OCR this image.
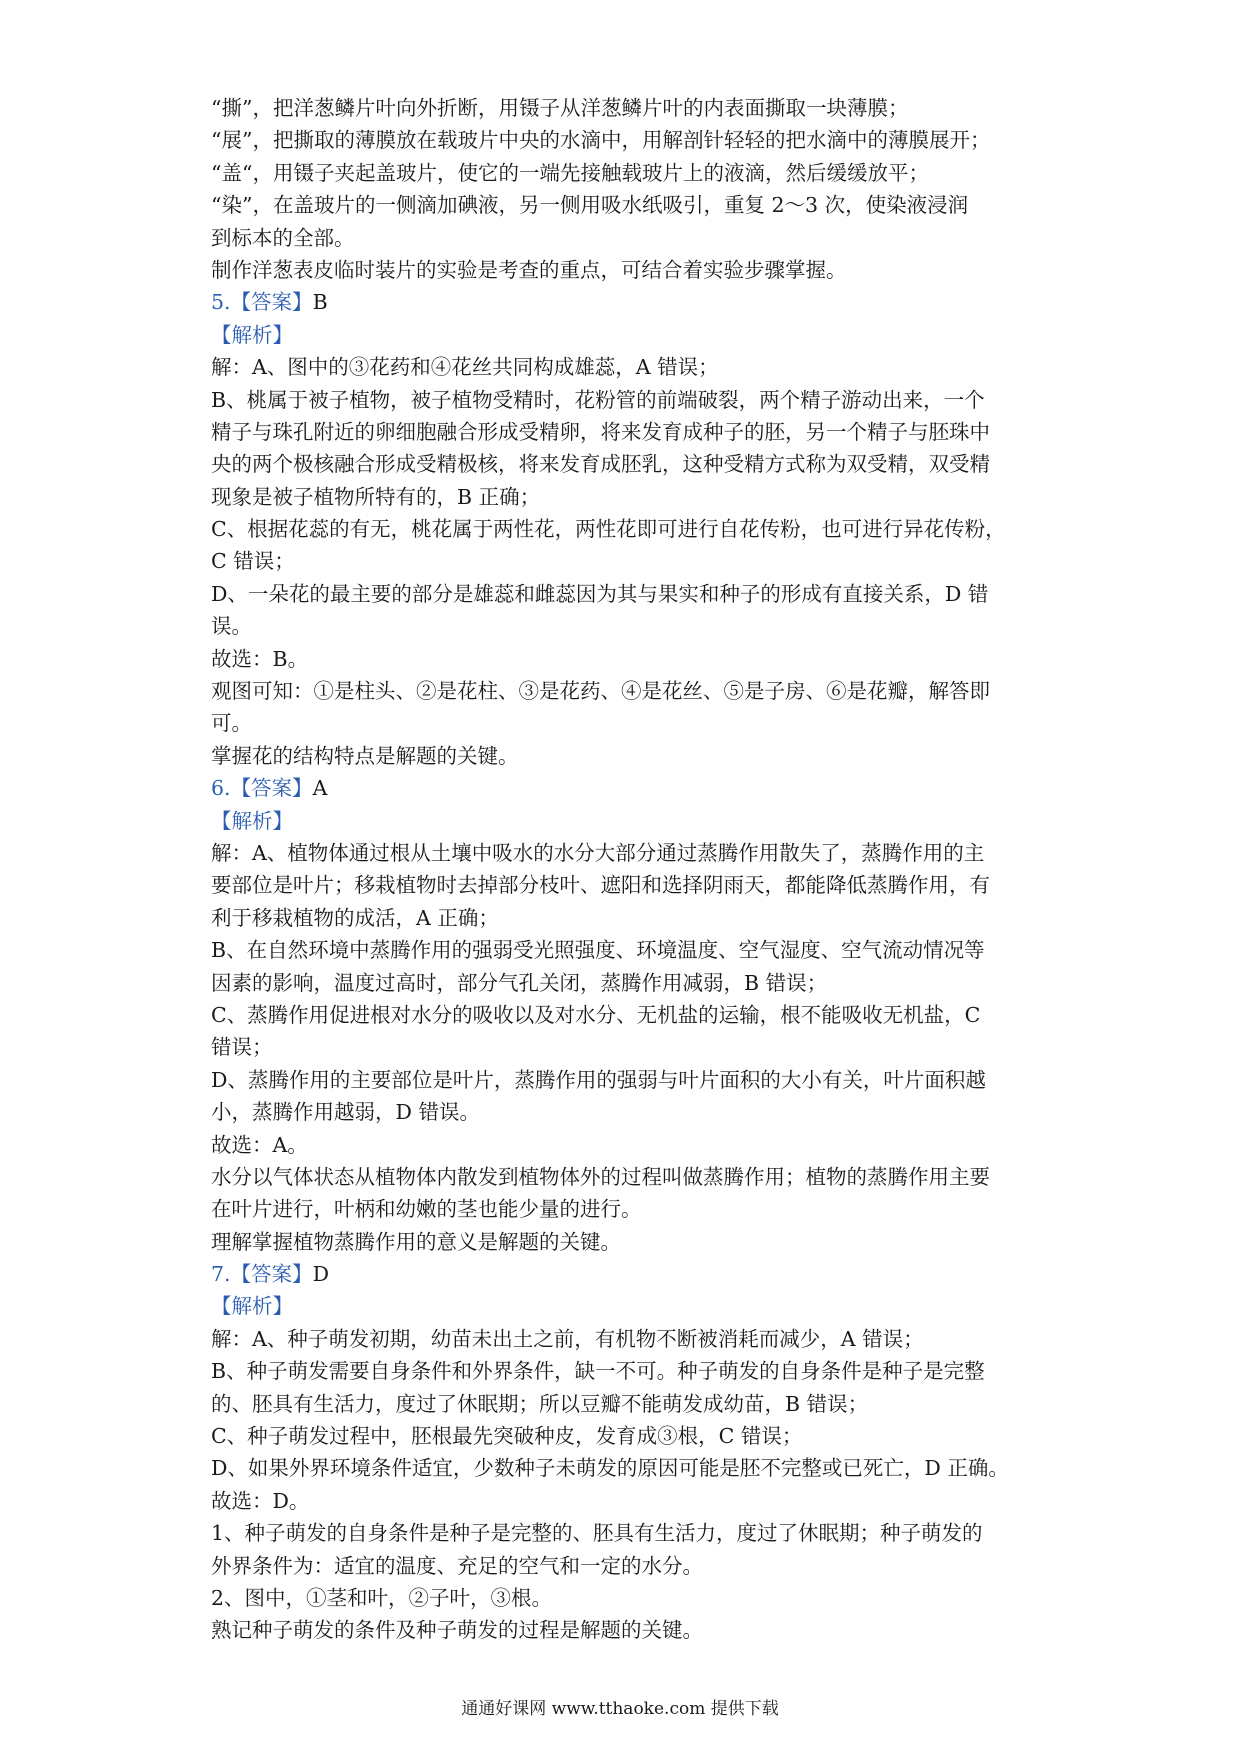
“撕”，把洋葱鳞片叶向外折断，用镊子从洋葱鳞片叶的内表面撕取一块薄膜；
“展”，把撕取的薄膜放在载玻片中央的水滴中，用解剖针轻轻的把水滴中的薄膜展开；
“盖“，用镊子夹起盖玻片，使它的一端先接触载玻片上的液滴，然后缓缓放平；
“染”，在盖玻片的一侧滴加碘液，另一侧用吸水纸吸引，重复 2～3 次，使染液浸润
到标本的全部。
制作洋葱表皮临时装片的实验是考查的重点，可结合着实验步骤掌握。
5.【答案】B
【解析】
解：A、图中的③花药和④花丝共同构成雄蕊，A 错误；
B、桃属于被子植物，被子植物受精时，花粉管的前端破裂，两个精子游动出来，一个
精子与珠孔附近的卵细胞融合形成受精卵，将来发育成种子的胚，另一个精子与胚珠中
央的两个极核融合形成受精极核，将来发育成胚乳，这种受精方式称为双受精，双受精
现象是被子植物所特有的，B 正确；
C、根据花蕊的有无，桃花属于两性花，两性花即可进行自花传粉，也可进行异花传粉，
C 错误；
D、一朵花的最主要的部分是雄蕊和雌蕊因为其与果实和种子的形成有直接关系，D 错
误。
故选：B。
观图可知：①是柱头、②是花柱、③是花药、④是花丝、⑤是子房、⑥是花瓣，解答即
可。
掌握花的结构特点是解题的关键。
6.【答案】A
【解析】
解：A、植物体通过根从土壤中吸水的水分大部分通过蒸腾作用散失了，蒸腾作用的主
要部位是叶片；移栽植物时去掉部分枝叶、遮阳和选择阴雨天，都能降低蒸腾作用，有
利于移栽植物的成活，A 正确；
B、在自然环境中蒸腾作用的强弱受光照强度、环境温度、空气湿度、空气流动情况等
因素的影响，温度过高时，部分气孔关闭，蒸腾作用减弱，B 错误；
C、蒸腾作用促进根对水分的吸收以及对水分、无机盐的运输，根不能吸收无机盐，C
错误；
D、蒸腾作用的主要部位是叶片，蒸腾作用的强弱与叶片面积的大小有关，叶片面积越
小，蒸腾作用越弱，D 错误。
故选：A。
水分以气体状态从植物体内散发到植物体外的过程叫做蒸腾作用；植物的蒸腾作用主要
在叶片进行，叶柄和幼嫩的茎也能少量的进行。
理解掌握植物蒸腾作用的意义是解题的关键。
7.【答案】D
【解析】
解：A、种子萌发初期，幼苗未出土之前，有机物不断被消耗而减少，A 错误；
B、种子萌发需要自身条件和外界条件，缺一不可。种子萌发的自身条件是种子是完整
的、胚具有生活力，度过了休眠期；所以豆瓣不能萌发成幼苗，B 错误；
C、种子萌发过程中，胚根最先突破种皮，发育成③根，C 错误；
D、如果外界环境条件适宜，少数种子未萌发的原因可能是胚不完整或已死亡，D 正确。
故选：D。
1、种子萌发的自身条件是种子是完整的、胚具有生活力，度过了休眠期；种子萌发的
外界条件为：适宜的温度、充足的空气和一定的水分。
2、图中，①茎和叶，②子叶，③根。
熟记种子萌发的条件及种子萌发的过程是解题的关键。
通通好课网 www.tthaoke.com 提供下载
